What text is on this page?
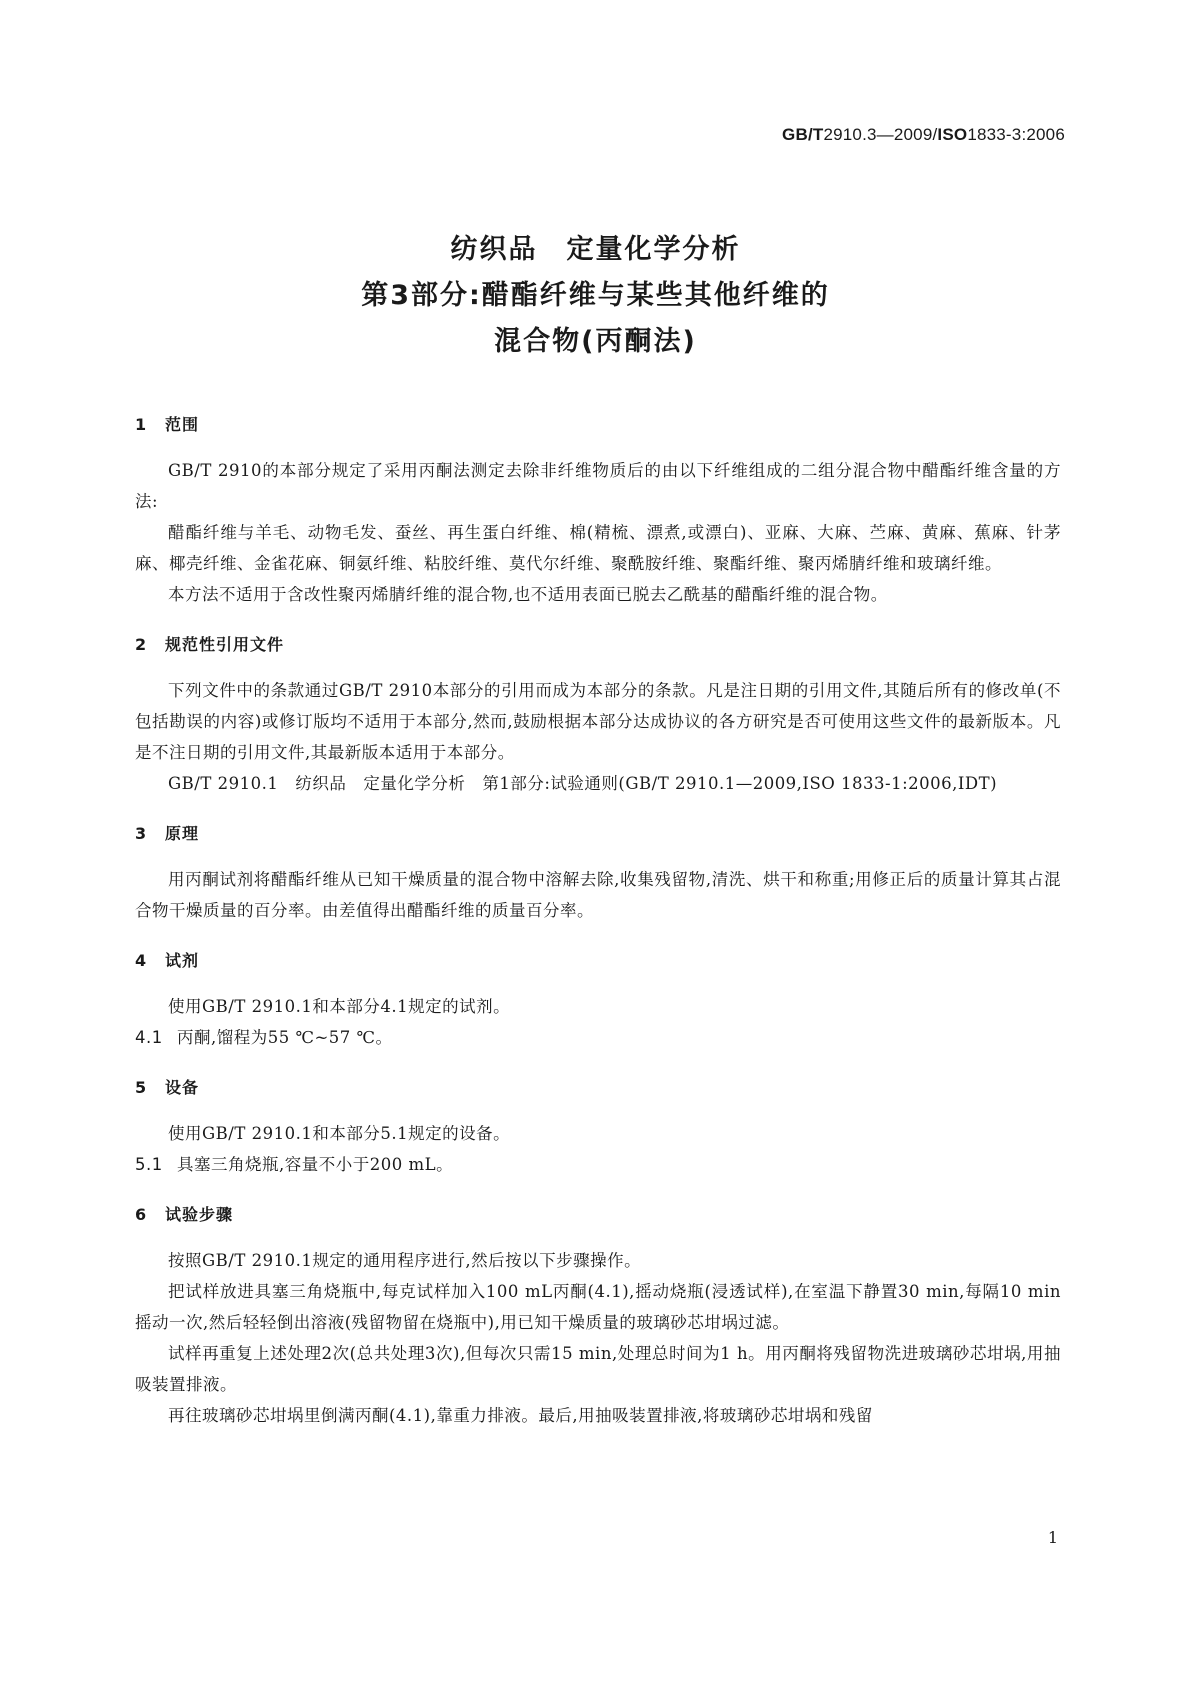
GB/T2910.3—2009/ISO1833-3:2006
纺织品　定量化学分析
第3部分:醋酯纤维与某些其他纤维的
混合物(丙酮法)

1 范围

GB/T 2910的本部分规定了采用丙酮法测定去除非纤维物质后的由以下纤维组成的二组分混合物中醋酯纤维含量的方法:

醋酯纤维与羊毛、动物毛发、蚕丝、再生蛋白纤维、棉(精梳、漂煮,或漂白)、亚麻、大麻、苎麻、黄麻、蕉麻、针茅麻、椰壳纤维、金雀花麻、铜氨纤维、粘胶纤维、莫代尔纤维、聚酰胺纤维、聚酯纤维、聚丙烯腈纤维和玻璃纤维。

本方法不适用于含改性聚丙烯腈纤维的混合物,也不适用表面已脱去乙酰基的醋酯纤维的混合物。

2 规范性引用文件

下列文件中的条款通过GB/T 2910本部分的引用而成为本部分的条款。凡是注日期的引用文件,其随后所有的修改单(不包括勘误的内容)或修订版均不适用于本部分,然而,鼓励根据本部分达成协议的各方研究是否可使用这些文件的最新版本。凡是不注日期的引用文件,其最新版本适用于本部分。

GB/T 2910.1　纺织品　定量化学分析　第1部分:试验通则(GB/T 2910.1—2009,ISO 1833-1:2006,IDT)

3 原理

用丙酮试剂将醋酯纤维从已知干燥质量的混合物中溶解去除,收集残留物,清洗、烘干和称重;用修正后的质量计算其占混合物干燥质量的百分率。由差值得出醋酯纤维的质量百分率。

4 试剂

使用GB/T 2910.1和本部分4.1规定的试剂。

4.1 丙酮,馏程为55 ℃~57 ℃。

5 设备

使用GB/T 2910.1和本部分5.1规定的设备。

5.1 具塞三角烧瓶,容量不小于200 mL。

6 试验步骤

按照GB/T 2910.1规定的通用程序进行,然后按以下步骤操作。

把试样放进具塞三角烧瓶中,每克试样加入100 mL丙酮(4.1),摇动烧瓶(浸透试样),在室温下静置30 min,每隔10 min摇动一次,然后轻轻倒出溶液(残留物留在烧瓶中),用已知干燥质量的玻璃砂芯坩埚过滤。

试样再重复上述处理2次(总共处理3次),但每次只需15 min,处理总时间为1 h。用丙酮将残留物洗进玻璃砂芯坩埚,用抽吸装置排液。

再往玻璃砂芯坩埚里倒满丙酮(4.1),靠重力排液。最后,用抽吸装置排液,将玻璃砂芯坩埚和残留

1
